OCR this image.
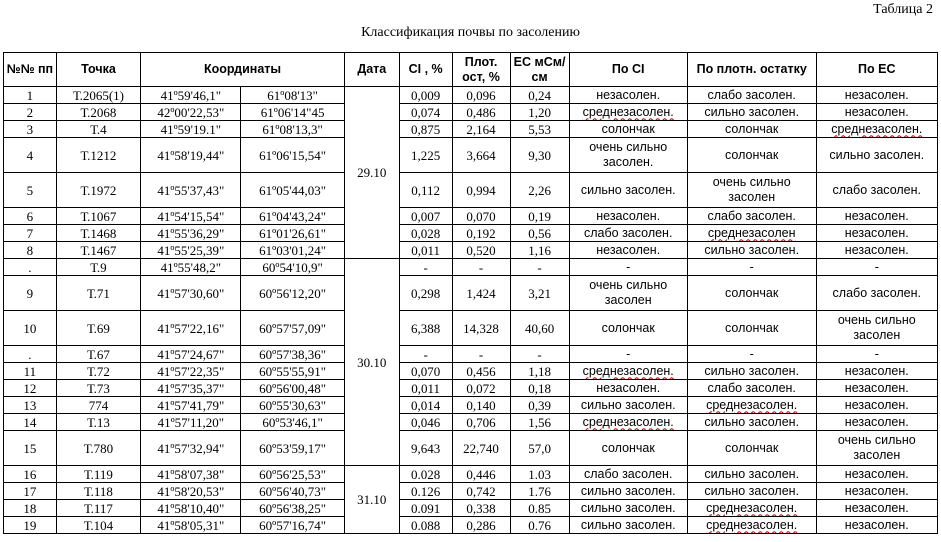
Таблица 2
Классификация почвы по засолению
№№ пп	Точка	Координаты		Дата	CI , %	Плот. ост, %	EC мСм/см	По CI	По плотн. остатку	По EC
1	Т.2065(1)	41º59'46,1"	61º08'13"	29.10	0,009	0,096	0,24	незасолен.	слабо засолен.	незасолен.
2	Т.2068	42º00'22,53"	61º06'14"45		0,074	0,486	1,20	среднезасолен.	сильно засолен.	незасолен.
3	Т.4	41º59'19.1"	61º08'13,3"		0,875	2,164	5,53	солончак	солончак	среднезасолен.
4	Т.1212	41º58'19,44"	61º06'15,54"		1,225	3,664	9,30	очень сильно засолен.	солончак	сильно засолен.
5	Т.1972	41º55'37,43"	61º05'44,03"		0,112	0,994	2,26	сильно засолен.	очень сильно засолен	слабо засолен.
6	Т.1067	41º54'15,54"	61º04'43,24"		0,007	0,070	0,19	незасолен.	слабо засолен.	незасолен.
7	Т.1468	41º55'36,29"	61º01'26,61"		0,028	0,192	0,56	слабо засолен.	среднезасолен	незасолен.
8	Т.1467	41º55'25,39"	61º03'01,24"		0,011	0,520	1,16	незасолен.	сильно засолен.	незасолен.
.	Т.9	41º55'48,2"	60º54'10,9"	30.10	-	-	-	-	-	-
9	Т.71	41º57'30,60"	60º56'12,20"		0,298	1,424	3,21	очень сильно засолен	солончак	слабо засолен.
10	Т.69	41º57'22,16"	60º57'57,09"		6,388	14,328	40,60	солончак	солончак	очень сильно засолен
.	Т.67	41º57'24,67"	60º57'38,36"		-	-	-	-	-	-
11	Т.72	41º57'22,35"	60º55'55,91"		0,070	0,456	1,18	среднезасолен.	сильно засолен.	незасолен.
12	Т.73	41º57'35,37"	60º56'00,48"		0,011	0,072	0,18	незасолен.	слабо засолен.	незасолен.
13	774	41º57'41,79"	60º55'30,63"		0,014	0,140	0,39	сильно засолен.	среднезасолен.	незасолен.
14	Т.13	41º57'11,20"	60º53'46,1"		0,046	0,706	1,56	среднезасолен.	сильно засолен.	незасолен.
15	Т.780	41º57'32,94"	60º53'59,17"		9,643	22,740	57,0	солончак	солончак	очень сильно засолен
16	Т.119	41º58'07,38"	60º56'25,53"	31.10	0.028	0,446	1.03	слабо засолен.	сильно засолен.	незасолен.
17	Т.118	41º58'20,53"	60º56'40,73"		0.126	0,742	1.76	сильно засолен.	сильно засолен.	незасолен.
18	Т.117	41º58'10,40"	60º56'38,25"		0.091	0,338	0.85	сильно засолен.	среднезасолен.	незасолен.
19	Т.104	41º58'05,31"	60º57'16,74"		0.088	0,286	0.76	сильно засолен.	среднезасолен.	незасолен.
